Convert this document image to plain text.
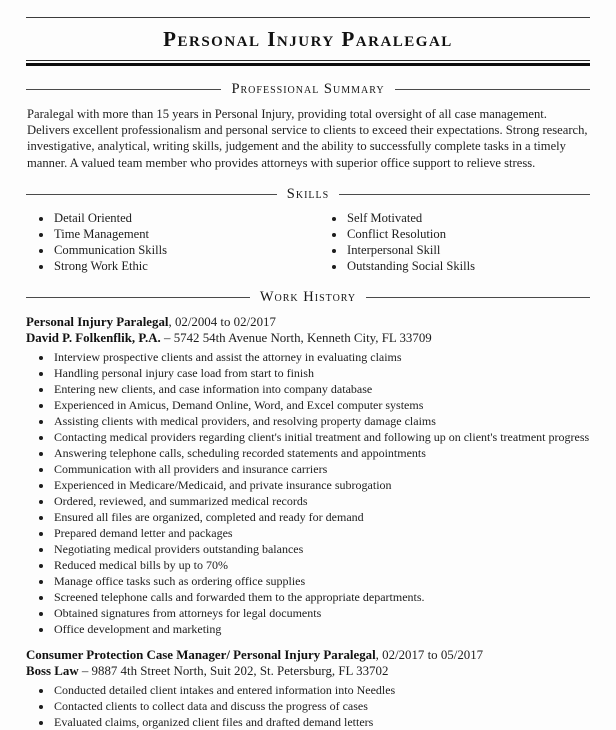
Personal Injury Paralegal
Professional Summary

Paralegal with more than 15 years in Personal Injury, providing total oversight of all case management. Delivers excellent professionalism and personal service to clients to exceed their expectations. Strong research, investigative, analytical, writing skills, judgement and the ability to successfully complete tasks in a timely manner. A valued team member who provides attorneys with superior office support to relieve stress.

Skills
• Detail Oriented
• Time Management
• Communication Skills
• Strong Work Ethic
• Self Motivated
• Conflict Resolution
• Interpersonal Skill
• Outstanding Social Skills
Work History
Personal Injury Paralegal, 02/2004 to 02/2017
David P. Folkenflik, P.A. – 5742 54th Avenue North, Kenneth City, FL 33709
• Interview prospective clients and assist the attorney in evaluating claims
• Handling personal injury case load from start to finish
• Entering new clients, and case information into company database
• Experienced in Amicus, Demand Online, Word, and Excel computer systems
• Assisting clients with medical providers, and resolving property damage claims
• Contacting medical providers regarding client's initial treatment and following up on client's treatment progress
• Answering telephone calls, scheduling recorded statements and appointments
• Communication with all providers and insurance carriers
• Experienced in Medicare/Medicaid, and private insurance subrogation
• Ordered, reviewed, and summarized medical records
• Ensured all files are organized, completed and ready for demand
• Prepared demand letter and packages
• Negotiating medical providers outstanding balances
• Reduced medical bills by up to 70%
• Manage office tasks such as ordering office supplies
• Screened telephone calls and forwarded them to the appropriate departments.
• Obtained signatures from attorneys for legal documents
• Office development and marketing
Consumer Protection Case Manager/ Personal Injury Paralegal, 02/2017 to 05/2017
Boss Law – 9887 4th Street North, Suit 202, St. Petersburg, FL 33702
• Conducted detailed client intakes and entered information into Needles
• Contacted clients to collect data and discuss the progress of cases
• Evaluated claims, organized client files and drafted demand letters
